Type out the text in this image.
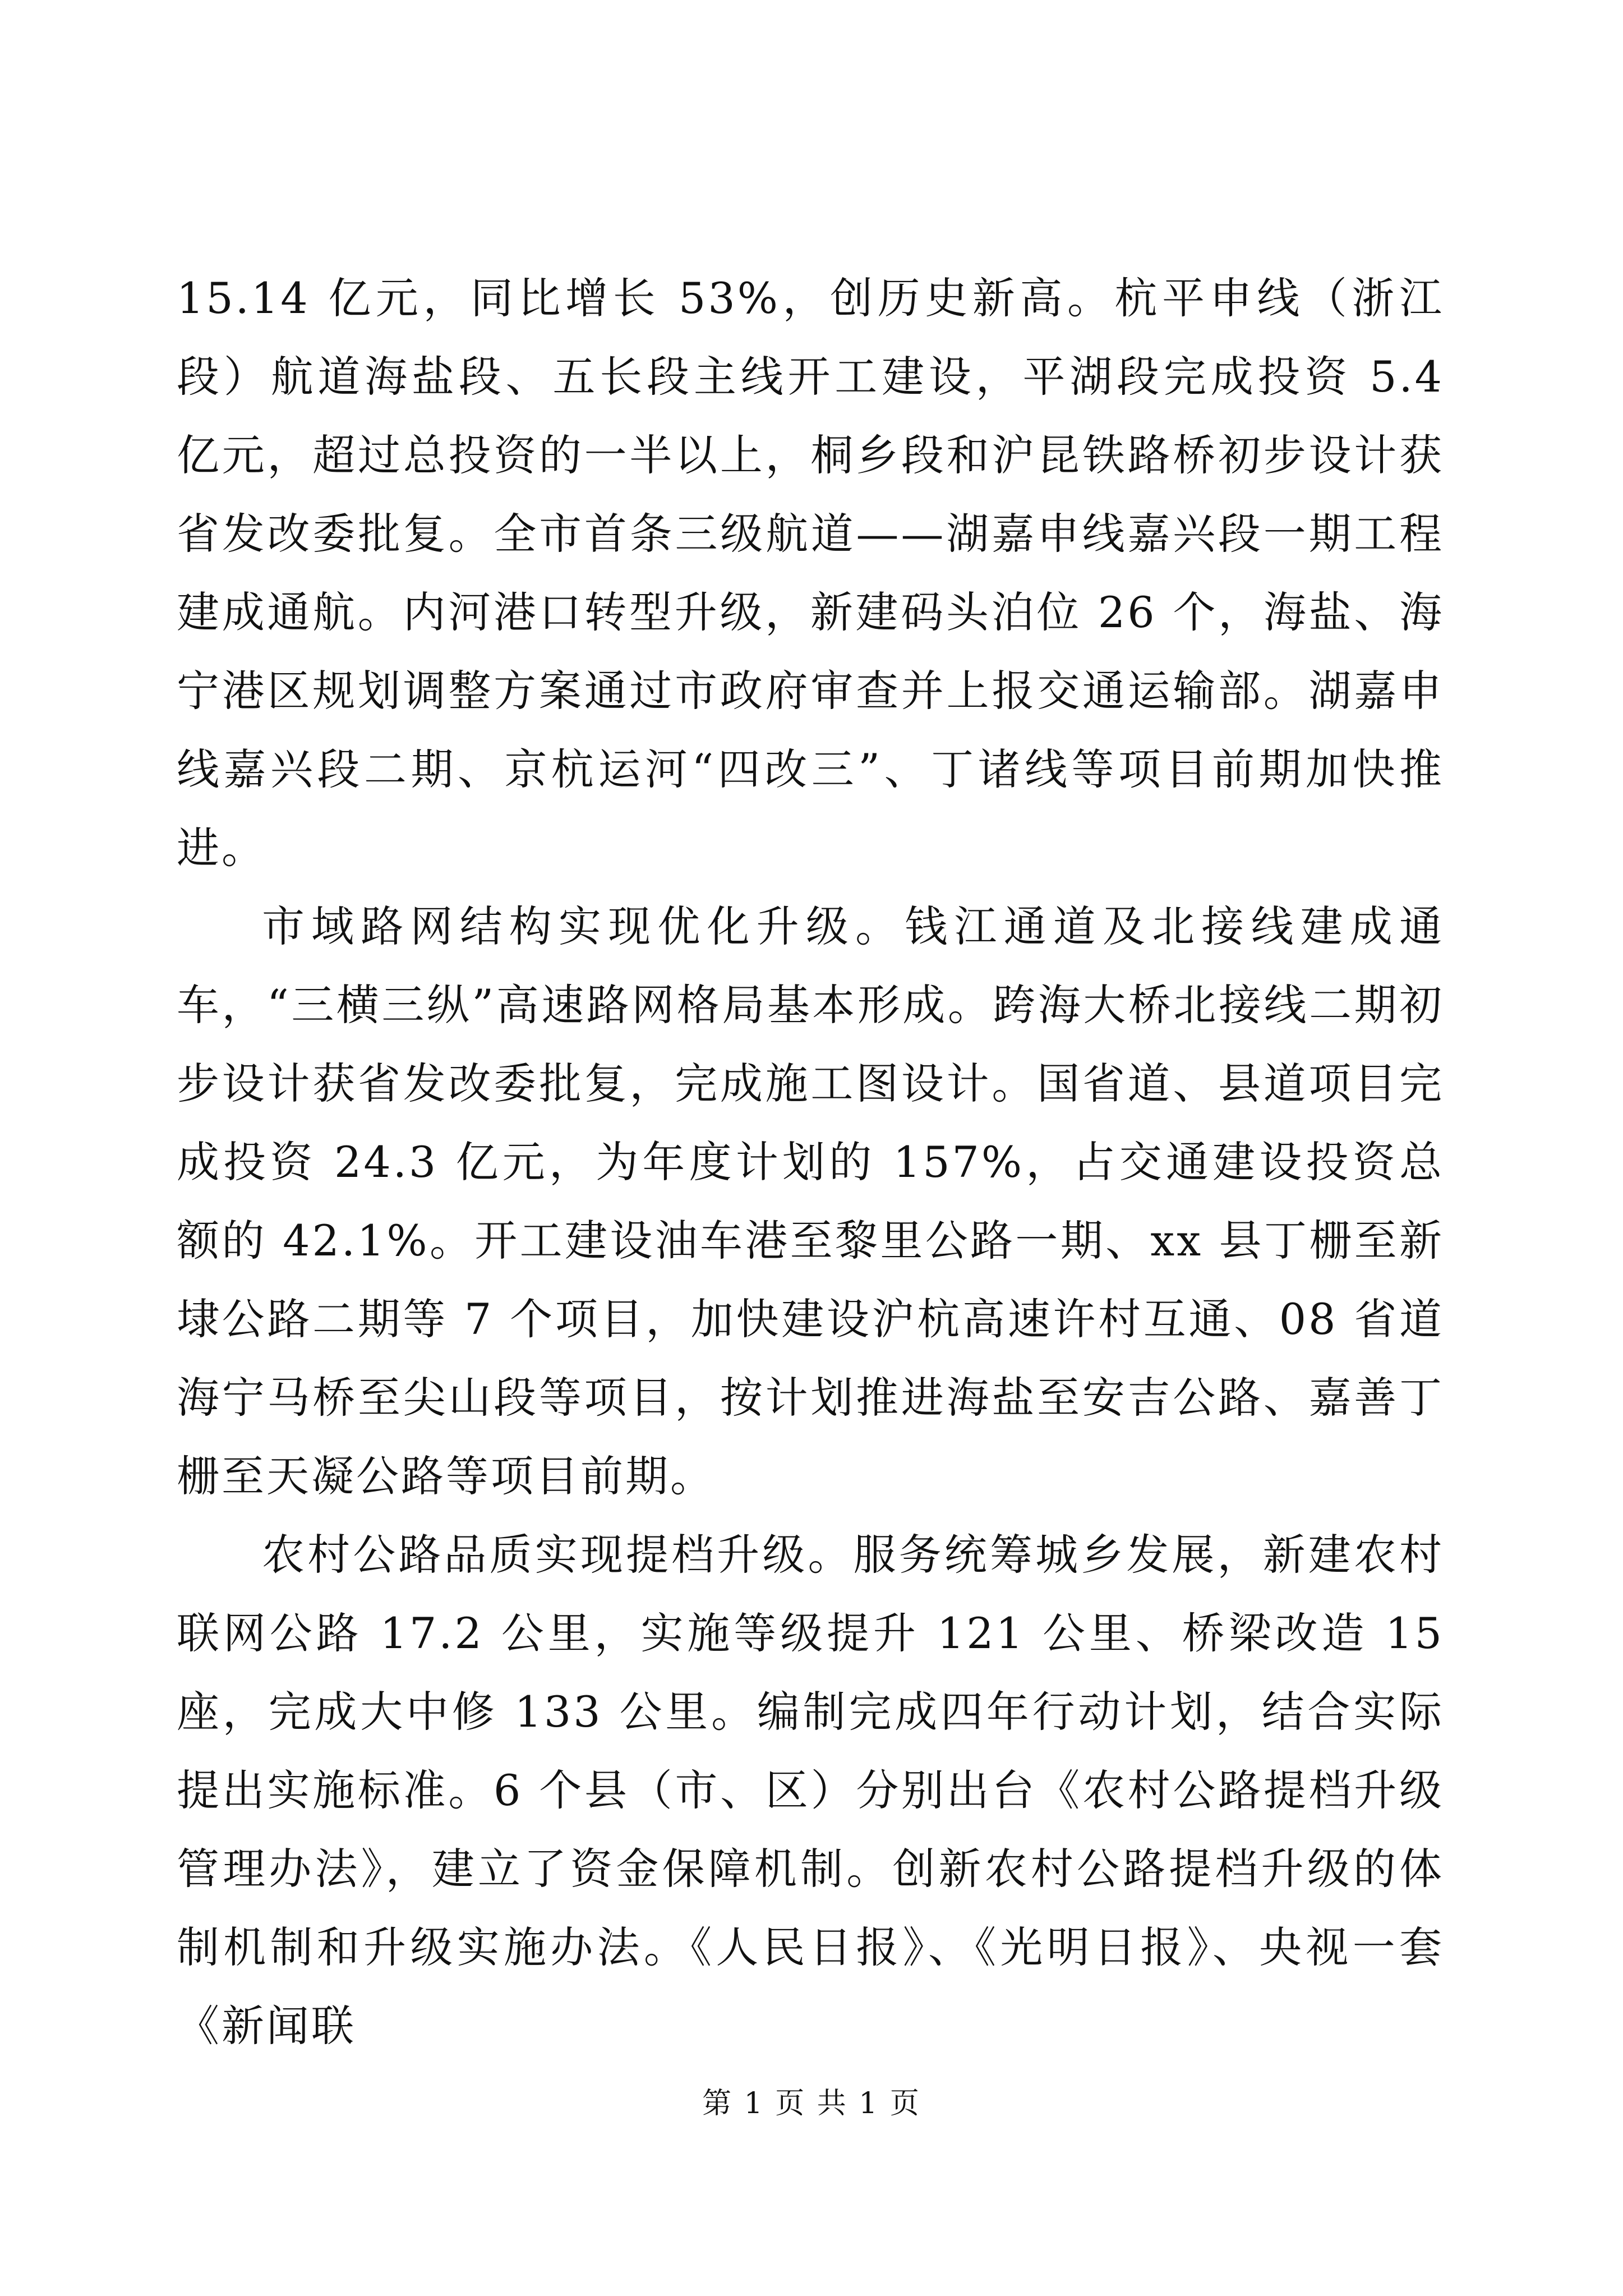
15.14 亿元，同比增长 53%，创历史新高。杭平申线（浙江段）航道海盐段、五长段主线开工建设，平湖段完成投资 5.4 亿元，超过总投资的一半以上，桐乡段和沪昆铁路桥初步设计获省发改委批复。全市首条三级航道——湖嘉申线嘉兴段一期工程建成通航。内河港口转型升级，新建码头泊位 26 个，海盐、海宁港区规划调整方案通过市政府审查并上报交通运输部。湖嘉申线嘉兴段二期、京杭运河“四改三”、丁诸线等项目前期加快推进。

市域路网结构实现优化升级。钱江通道及北接线建成通车，“三横三纵”高速路网格局基本形成。跨海大桥北接线二期初步设计获省发改委批复，完成施工图设计。国省道、县道项目完成投资 24.3 亿元，为年度计划的 157%，占交通建设投资总额的 42.1%。开工建设油车港至黎里公路一期、xx 县丁栅至新埭公路二期等 7 个项目，加快建设沪杭高速许村互通、08 省道海宁马桥至尖山段等项目，按计划推进海盐至安吉公路、嘉善丁栅至天凝公路等项目前期。

农村公路品质实现提档升级。服务统筹城乡发展，新建农村联网公路 17.2 公里，实施等级提升 121 公里、桥梁改造 15 座，完成大中修 133 公里。编制完成四年行动计划，结合实际提出实施标准。6 个县（市、区）分别出台《农村公路提档升级管理办法》，建立了资金保障机制。创新农村公路提档升级的体制机制和升级实施办法。《人民日报》、《光明日报》、央视一套《新闻联

第 1 页 共 1 页
